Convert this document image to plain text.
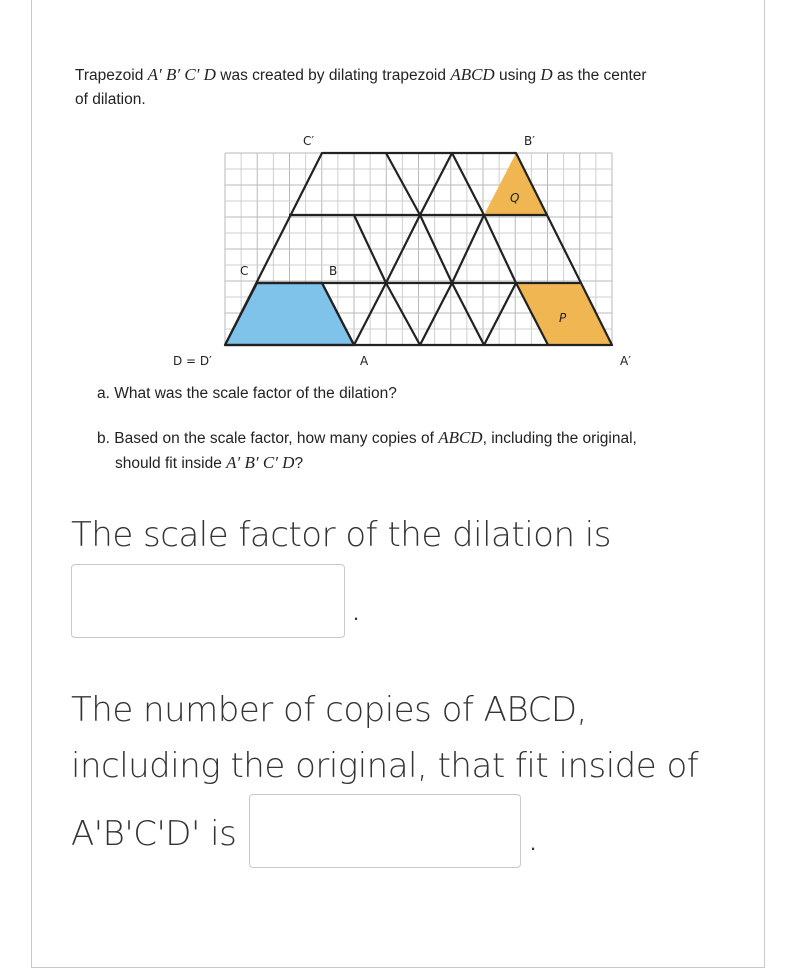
Trapezoid A′ B′ C′ D was created by dilating trapezoid ABCD using D as the center
of dilation.
C′	B′
C	B
Q
P
D = D′	A	A′
a. What was the scale factor of the dilation?
b. Based on the scale factor, how many copies of ABCD, including the original,
should fit inside A′ B′ C′ D?
The scale factor of the dilation is
.
The number of copies of ABCD,
including the original, that fit inside of
A'B'C'D' is	.
